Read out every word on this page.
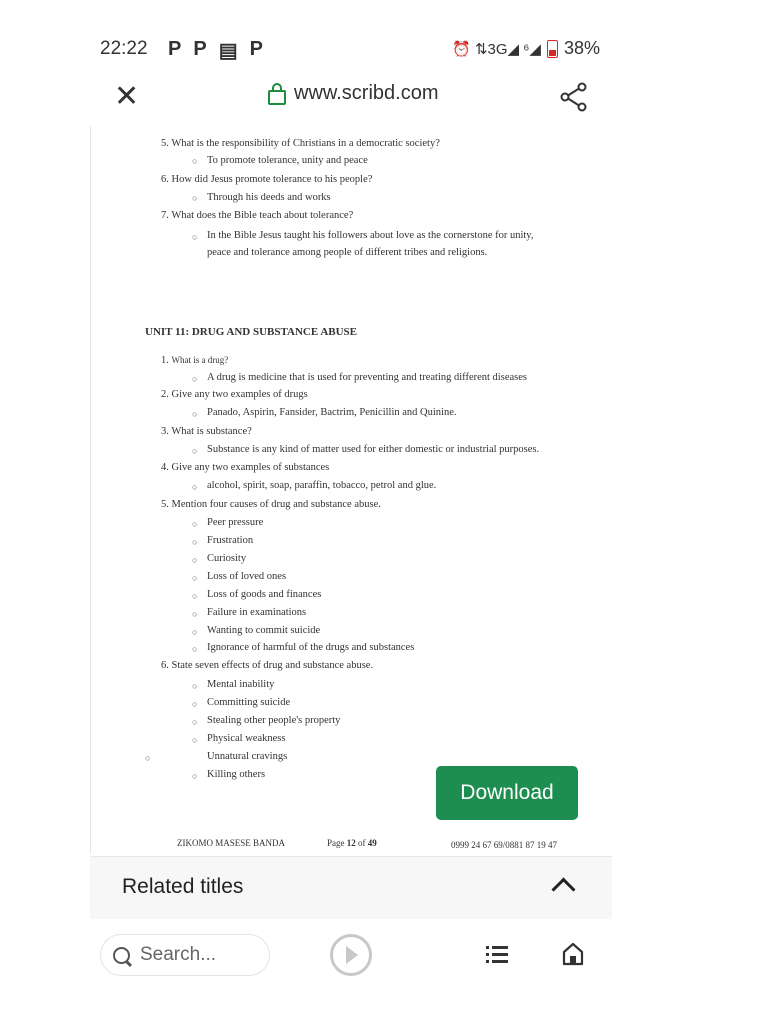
22:22 P P ▤ P	⏰ ⇅3G◢ ⁶◢ 38%
✕	www.scribd.com
5. What is the responsibility of Christians in a democratic society?
○ To promote tolerance, unity and peace
6. How did Jesus promote tolerance to his people?
○ Through his deeds and works
7. What does the Bible teach about tolerance?
○ In the Bible Jesus taught his followers about love as the cornerstone for unity,
peace and tolerance among people of different tribes and religions.
UNIT 11: DRUG AND SUBSTANCE ABUSE
1. What is a drug?
○ A drug is medicine that is used for preventing and treating different diseases
2. Give any two examples of drugs
○ Panado, Aspirin, Fansider, Bactrim, Penicillin and Quinine.
3. What is substance?
○ Substance is any kind of matter used for either domestic or industrial purposes.
4. Give any two examples of substances
○ alcohol, spirit, soap, paraffin, tobacco, petrol and glue.
5. Mention four causes of drug and substance abuse.
○ Peer pressure
○ Frustration
○ Curiosity
○ Loss of loved ones
○ Loss of goods and finances
○ Failure in examinations
○ Wanting to commit suicide
○ Ignorance of harmful of the drugs and substances
6. State seven effects of drug and substance abuse.
○ Mental inability
○ Committing suicide
○ Stealing other people's property
○ Physical weakness
○	Unnatural cravings
○ Killing others
ZIKOMO MASESE BANDA	Page 12 of 49	0999 24 67 69/0881 87 19 47
Download
Related titles
Search...
